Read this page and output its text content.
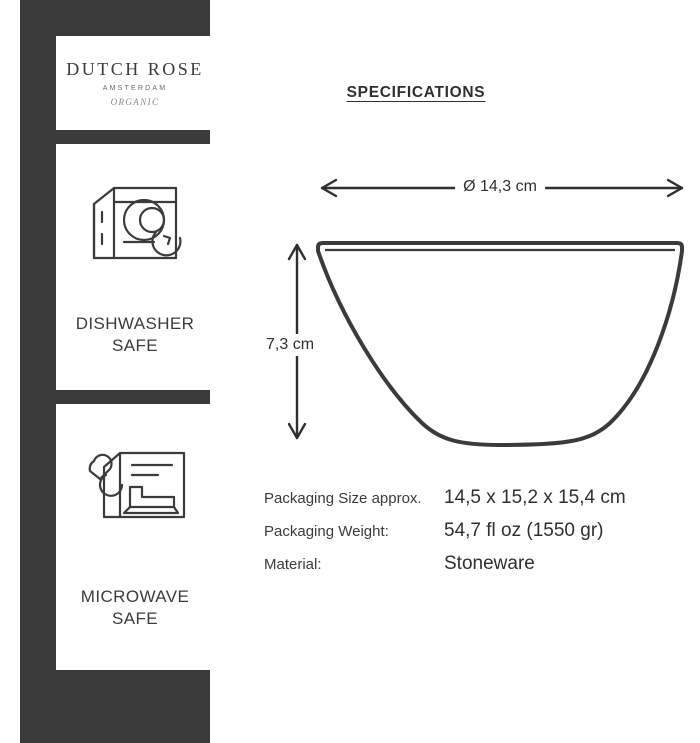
DUTCH ROSE
AMSTERDAM
ORGANIC
DISHWASHER
SAFE
MICROWAVE
SAFE
SPECIFICATIONS
Ø 14,3 cm
7,3 cm
Packaging Size approx.	14,5 x 15,2 x 15,4 cm
Packaging Weight:	54,7 fl oz (1550 gr)
Material:	Stoneware
